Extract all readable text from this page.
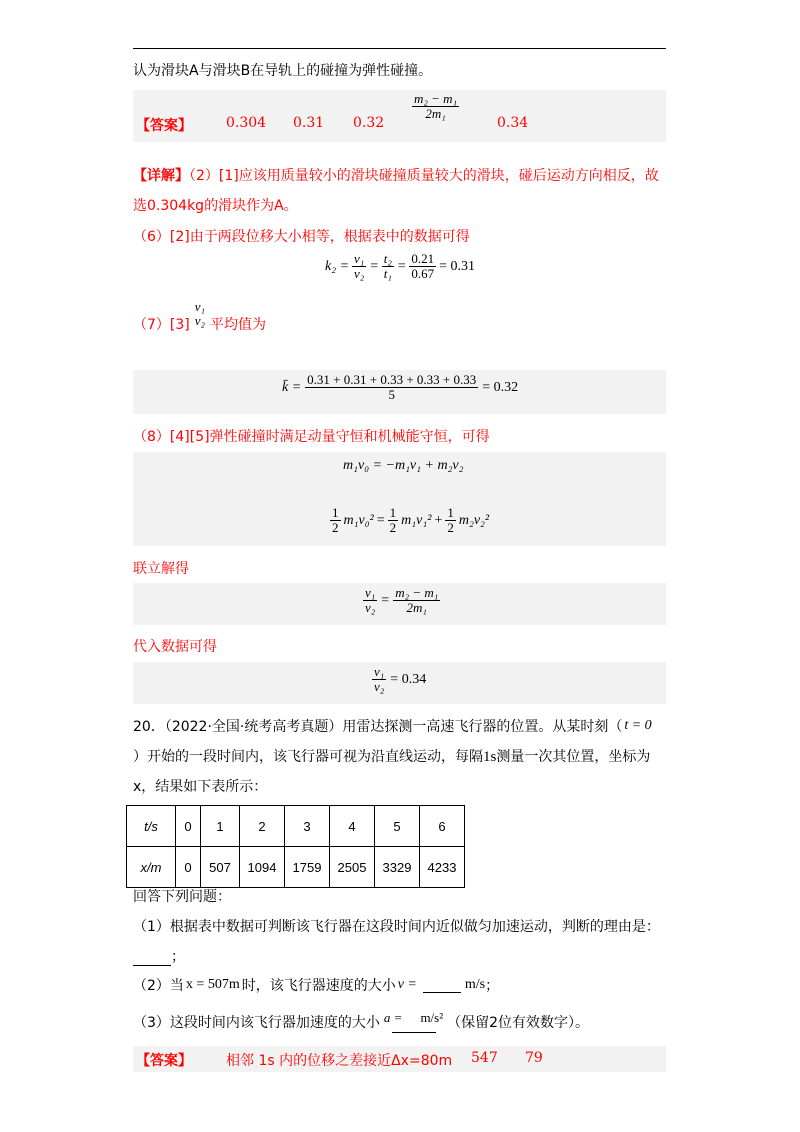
认为滑块A与滑块B在导轨上的碰撞为弹性碰撞。
【答案】 0.304 0.31 0.32
$\frac{\text{m₂ − m₁}}{\text{2m₁}}$
0.34
【详解】（2）[1]应该用质量较小的滑块碰撞质量较大的滑块，碰后运动方向相反，故
选0.304kg的滑块作为A。
（6）[2]由于两段位移大小相等，根据表中的数据可得
$k_2 = \frac{\text{v₁}}{\text{v₂}} = \frac{\text{t₂}}{\text{t₁}} = \frac{0.21}{0.67} = 0.31$
（7）[3]
v₁
v₂ 平均值为
k̄ = $\frac{0.31 + 0.31 + 0.33 + 0.33 + 0.33}{5} = 0.32$
（8）[4][5]弹性碰撞时满足动量守恒和机械能守恒，可得
m₁v₀ = −m₁v₁ + m₂v₂
$\frac{1}{2} m_1v_0^2 = \frac{1}{2} m_1v_1^2 + \frac{1}{2} m_2v_2^2$
联立解得
$\frac{\text{v₁}}{\text{v₂}} = \frac{\text{m₂ − m₁}}{\text{2m₁}}$
代入数据可得
$\frac{\text{v₁}}{\text{v₂}} = 0.34$
20．（2022·全国·统考高考真题）用雷达探测一高速飞行器的位置。从某时刻（ t = 0
）开始的一段时间内，该飞行器可视为沿直线运动，每隔1s测量一次其位置，坐标为
x，结果如下表所示：
t/s	0	1	2	3	4	5	6
x/m	0	507	1094	1759	2505	3329	4233
回答下列问题：
（1）根据表中数据可判断该飞行器在这段时间内近似做匀加速运动，判断的理由是：
；
（2）当 x = 507m 时，该飞行器速度的大小 v =	m/s ；
（3）这段时间内该飞行器加速度的大小 a = m/s² （保留2位有效数字）。
【答案】 相邻 1s 内的位移之差接近Δx=80m 547 79
